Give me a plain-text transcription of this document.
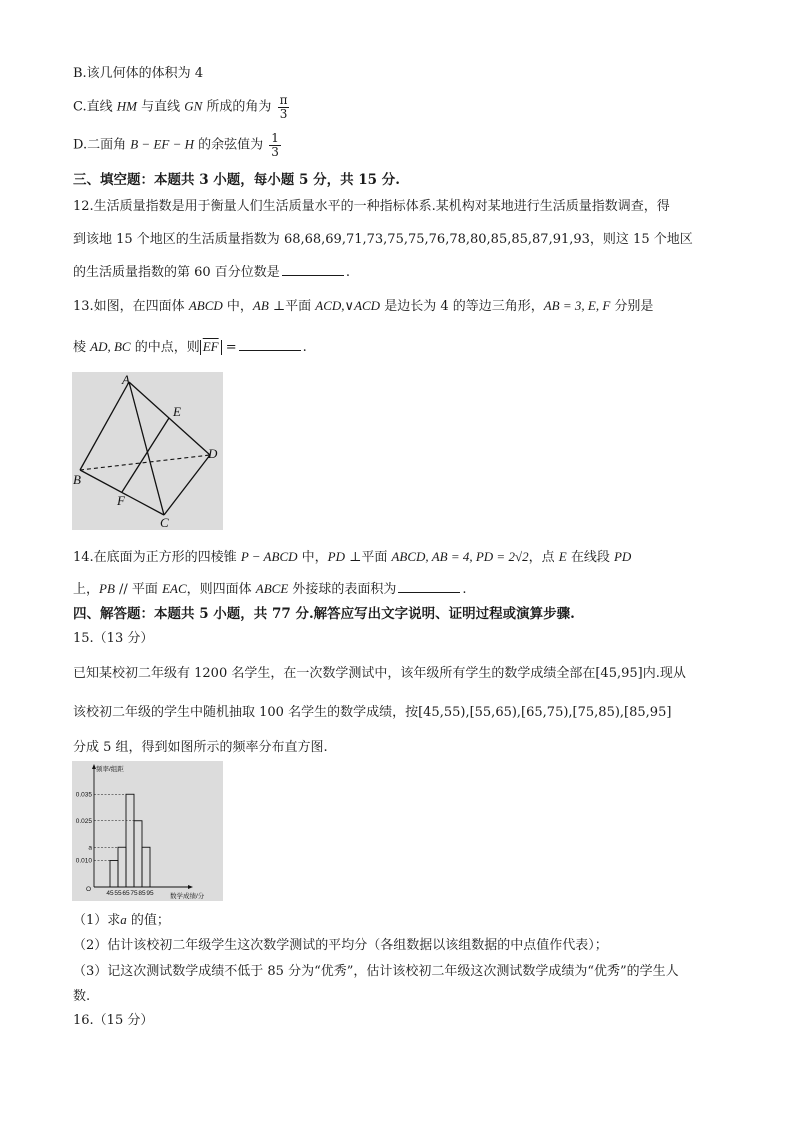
B.该几何体的体积为 4
C.直线 HM 与直线 GN 所成的角为 $\frac{\pi}{3}$
D.二面角 B − EF − H 的余弦值为 $\frac{1}{3}$
三、填空题：本题共 3 小题，每小题 5 分，共 15 分.
12.生活质量指数是用于衡量人们生活质量水平的一种指标体系.某机构对某地进行生活质量指数调查，得
到该地 15 个地区的生活质量指数为 68,68,69,71,73,75,75,76,78,80,85,85,87,91,93，则这 15 个地区
的生活质量指数的第 60 百分位数是	.
13.如图，在四面体 ABCD 中，AB ⊥平面 ACD,∨ACD 是边长为 4 的等边三角形，AB = 3, E, F 分别是
棱 AD, BC 的中点，则 $\overline{EF}$ =	.
A
B
C
D
E
F
14.在底面为正方形的四棱锥 P − ABCD 中，PD ⊥平面 ABCD, AB = 4, PD = 2√2，点 E 在线段 PD
上，PB // 平面 EAC，则四面体 ABCE 外接球的表面积为	.
四、解答题：本题共 5 小题，共 77 分.解答应写出文字说明、证明过程或演算步骤.
15.（13 分）
已知某校初二年级有 1200 名学生，在一次数学测试中，该年级所有学生的数学成绩全部在[45,95]内.现从
该校初二年级的学生中随机抽取 100 名学生的数学成绩，按[45,55),[55,65),[65,75),[75,85),[85,95]
分成 5 组，得到如图所示的频率分布直方图.
频率/组距
数学成绩/分
O
0.035
0.025
a
0.010
45 55 65 75 85 95
（1）求a 的值；
（2）估计该校初二年级学生这次数学测试的平均分（各组数据以该组数据的中点值作代表）；
（3）记这次测试数学成绩不低于 85 分为“优秀”，估计该校初二年级这次测试数学成绩为“优秀”的学生人
数.
16.（15 分）
